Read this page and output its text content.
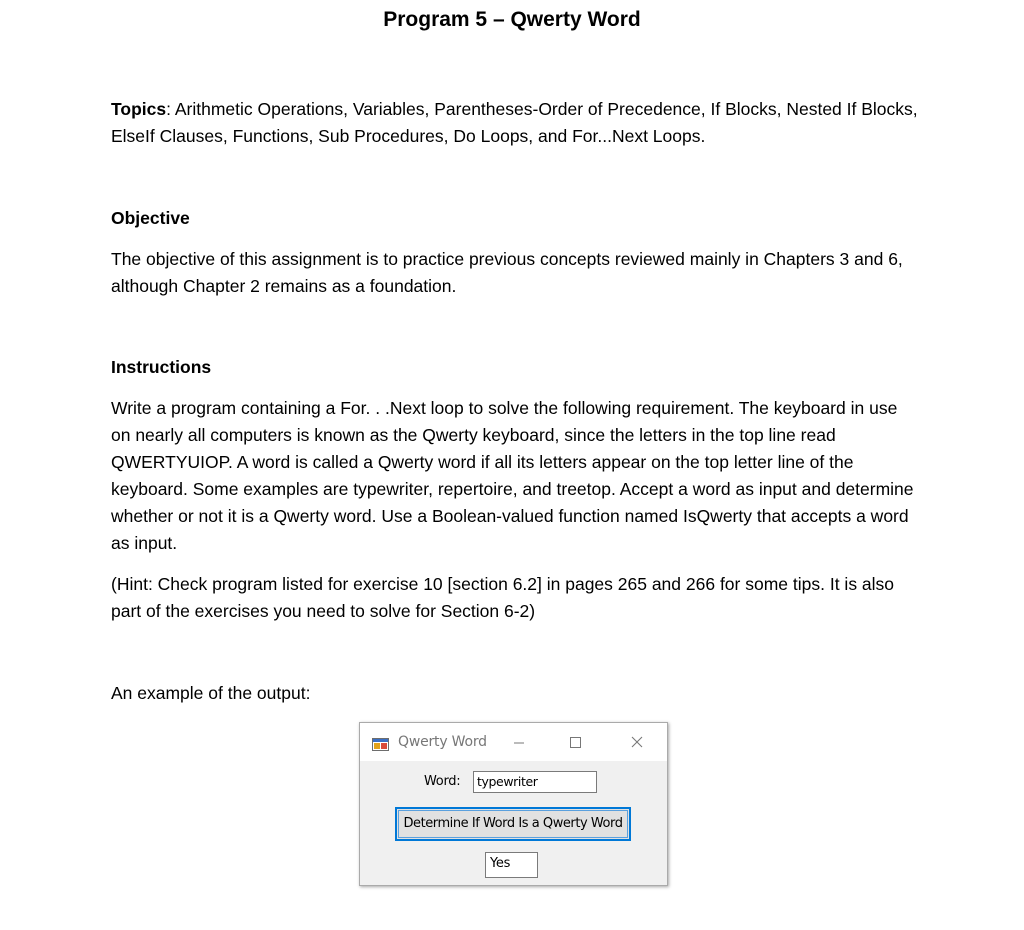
Program 5 – Qwerty Word

Topics: Arithmetic Operations, Variables, Parentheses-Order of Precedence, If Blocks, Nested If Blocks, ElseIf Clauses, Functions, Sub Procedures, Do Loops, and For...Next Loops.

Objective

The objective of this assignment is to practice previous concepts reviewed mainly in Chapters 3 and 6, although Chapter 2 remains as a foundation.

Instructions

Write a program containing a For. . .Next loop to solve the following requirement. The keyboard in use on nearly all computers is known as the Qwerty keyboard, since the letters in the top line read QWERTYUIOP. A word is called a Qwerty word if all its letters appear on the top letter line of the keyboard. Some examples are typewriter, repertoire, and treetop. Accept a word as input and determine whether or not it is a Qwerty word. Use a Boolean-valued function named IsQwerty that accepts a word as input.

(Hint: Check program listed for exercise 10 [section 6.2] in pages 265 and 266 for some tips. It is also part of the exercises you need to solve for Section 6-2)

An example of the output:

Qwerty Word
Word:	typewriter
Determine If Word Is a Qwerty Word
Yes
